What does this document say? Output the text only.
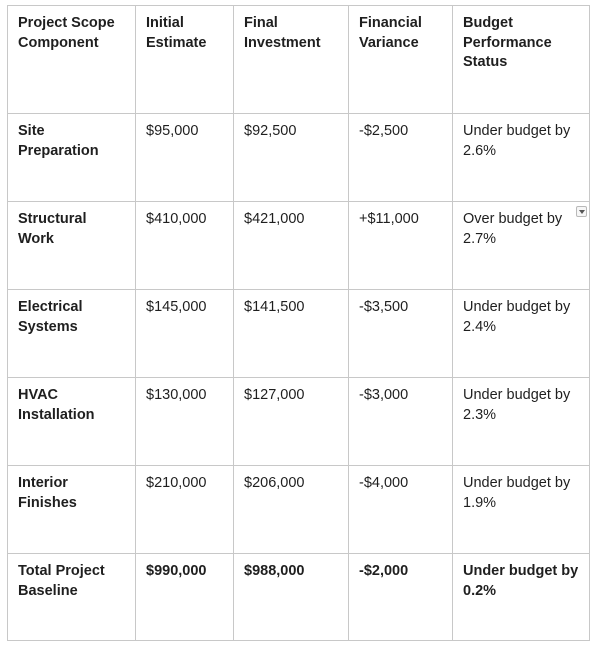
Project Scope Component	Initial Estimate	Final Investment	Financial Variance	Budget Performance Status
Site Preparation	$95,000	$92,500	-$2,500	Under budget by 2.6%
Structural Work	$410,000	$421,000	+$11,000	Over budget by 2.7%

Electrical Systems	$145,000	$141,500	-$3,500	Under budget by 2.4%
HVAC Installation	$130,000	$127,000	-$3,000	Under budget by 2.3%
Interior Finishes	$210,000	$206,000	-$4,000	Under budget by 1.9%
Total Project Baseline	$990,000	$988,000	-$2,000	Under budget by 0.2%
